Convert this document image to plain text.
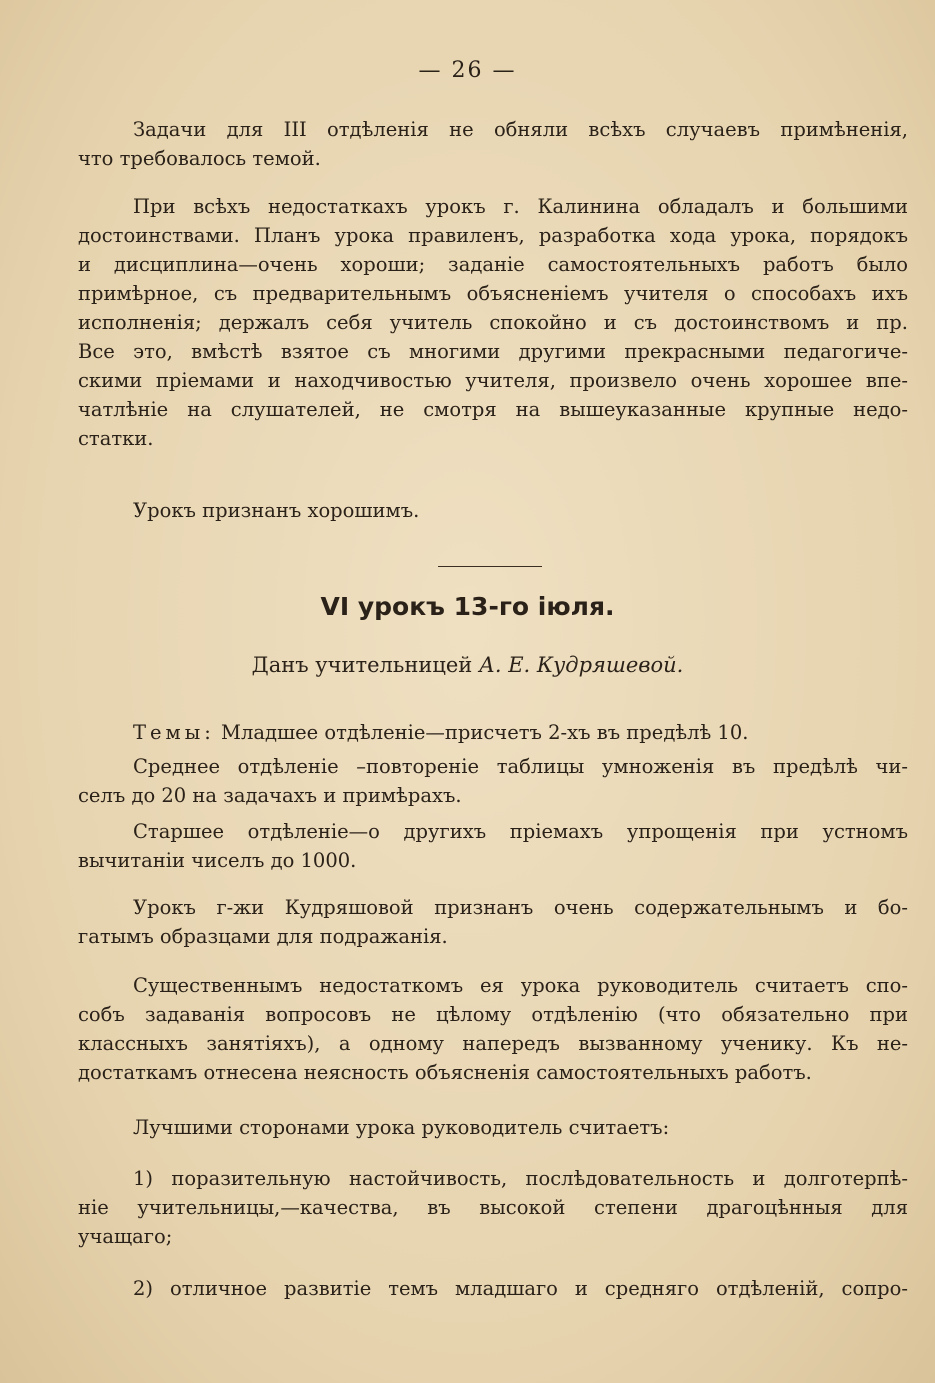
— 26 —
Задачи для III отдѣленія не обняли всѣхъ случаевъ примѣненія,
что требовалось темой.
При всѣхъ недостаткахъ урокъ г. Калинина обладалъ и большими
достоинствами. Планъ урока правиленъ, разработка хода урока, порядокъ
и дисциплина—очень хороши; заданіе самостоятельныхъ работъ было
примѣрное, съ предварительнымъ объясненіемъ учителя о способахъ ихъ
исполненія; держалъ себя учитель спокойно и съ достоинствомъ и пр.
Все это, вмѣстѣ взятое съ многими другими прекрасными педагогиче-
скими пріемами и находчивостью учителя, произвело очень хорошее впе-
чатлѣніе на слушателей, не смотря на вышеуказанные крупные недо-
статки.
Урокъ признанъ хорошимъ.
VI урокъ 13-го іюля.
Данъ учительницей А. Е. Кудряшевой.
Темы: Младшее отдѣленіе—присчетъ 2-хъ въ предѣлѣ 10.
Среднее отдѣленіе –повтореніе таблицы умноженія въ предѣлѣ чи-
селъ до 20 на задачахъ и примѣрахъ.
Старшее отдѣленіе—о другихъ пріемахъ упрощенія при устномъ
вычитаніи чиселъ до 1000.
Урокъ г-жи Кудряшовой признанъ очень содержательнымъ и бо-
гатымъ образцами для подражанія.
Существеннымъ недостаткомъ ея урока руководитель считаетъ спо-
собъ задаванія вопросовъ не цѣлому отдѣленію (что обязательно при
классныхъ занятіяхъ), а одному напередъ вызванному ученику. Къ не-
достаткамъ отнесена неясность объясненія самостоятельныхъ работъ.
Лучшими сторонами урока руководитель считаетъ:
1) поразительную настойчивость, послѣдовательность и долготерпѣ-
ніе учительницы,—качества, въ высокой степени драгоцѣнныя для
учащаго;
2) отличное развитіе темъ младшаго и средняго отдѣленій, сопро-
